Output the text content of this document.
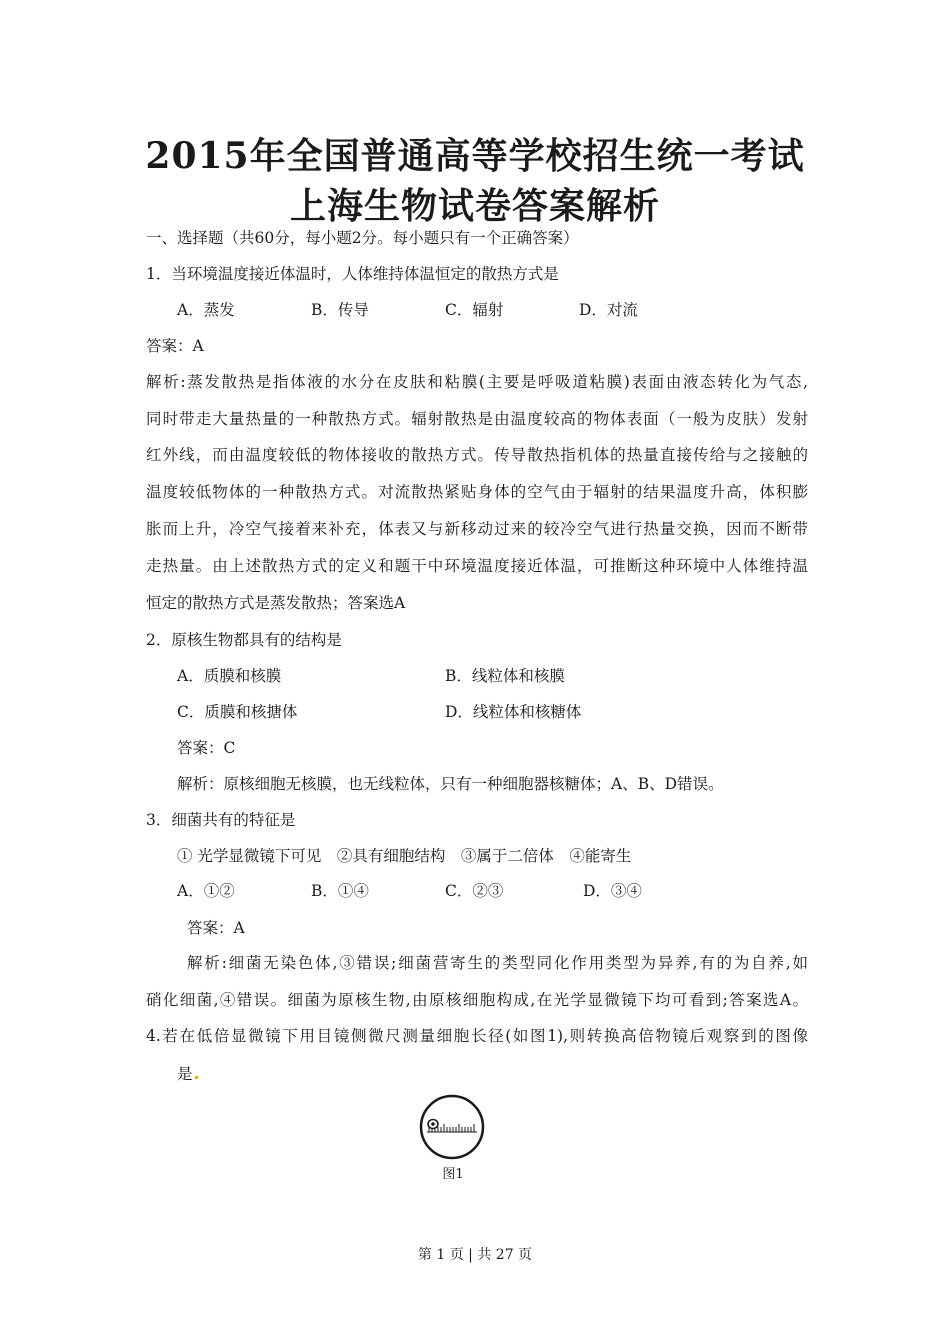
2015年全国普通高等学校招生统一考试
上海生物试卷答案解析
一、选择题（共60分，每小题2分。每小题只有一个正确答案）
1．当环境温度接近体温时，人体维持体温恒定的散热方式是
A．蒸发	B．传导	C．辐射	D．对流
答案：A
解析:蒸发散热是指体液的水分在皮肤和粘膜(主要是呼吸道粘膜)表面由液态转化为气态,
同时带走大量热量的一种散热方式。辐射散热是由温度较高的物体表面（一般为皮肤）发射
红外线，而由温度较低的物体接收的散热方式。传导散热指机体的热量直接传给与之接触的
温度较低物体的一种散热方式。对流散热紧贴身体的空气由于辐射的结果温度升高，体积膨
胀而上升，冷空气接着来补充，体表又与新移动过来的较冷空气进行热量交换，因而不断带
走热量。由上述散热方式的定义和题干中环境温度接近体温，可推断这种环境中人体维持温
恒定的散热方式是蒸发散热；答案选A
2．原核生物都具有的结构是
A．质膜和核膜	B．线粒体和核膜
C．质膜和核搪体	D．线粒体和核糖体
答案：C
解析：原核细胞无核膜，也无线粒体，只有一种细胞器核糖体；A、B、D错误。
3．细菌共有的特征是
① 光学显微镜下可见　②具有细胞结构　③属于二倍体　④能寄生
A．①②	B．①④	C．②③	D．③④
答案：A
解析:细菌无染色体,③错误;细菌营寄生的类型同化作用类型为异养,有的为自养,如
硝化细菌,④错误。细菌为原核生物,由原核细胞构成,在光学显微镜下均可看到;答案选A。
4.若在低倍显微镜下用目镜侧微尺测量细胞长径(如图1),则转换高倍物镜后观察到的图像
是
图1
第 1 页 | 共 27 页
